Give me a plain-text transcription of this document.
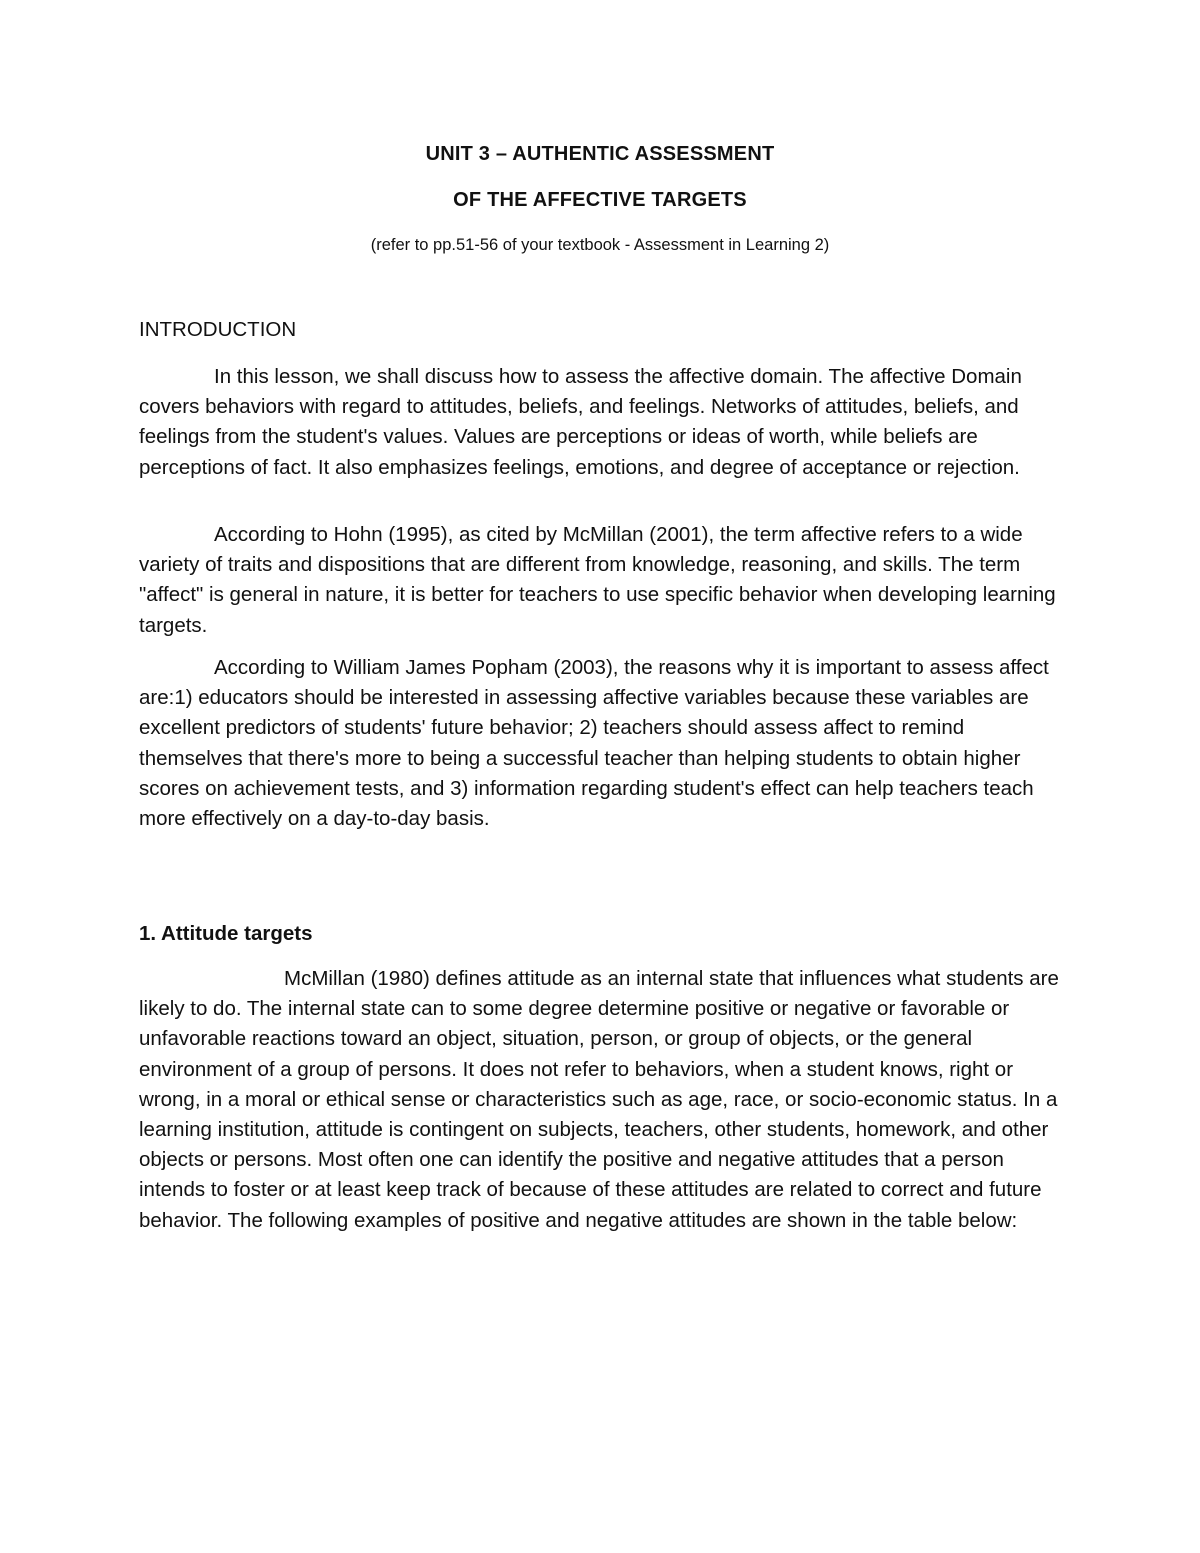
UNIT 3 – AUTHENTIC ASSESSMENT
OF THE AFFECTIVE TARGETS
(refer to pp.51-56 of your textbook - Assessment in Learning 2)
INTRODUCTION

In this lesson, we shall discuss how to assess the affective domain. The affective Domain covers behaviors with regard to attitudes, beliefs, and feelings. Networks of attitudes, beliefs, and feelings from the student's values. Values are perceptions or ideas of worth, while beliefs are perceptions of fact. It also emphasizes feelings, emotions, and degree of acceptance or rejection.

According to Hohn (1995), as cited by McMillan (2001), the term affective refers to a wide variety of traits and dispositions that are different from knowledge, reasoning, and skills. The term "affect" is general in nature, it is better for teachers to use specific behavior when developing learning targets.

According to William James Popham (2003), the reasons why it is important to assess affect are:1) educators should be interested in assessing affective variables because these variables are excellent predictors of students' future behavior; 2) teachers should assess affect to remind themselves that there's more to being a successful teacher than helping students to obtain higher scores on achievement tests, and 3) information regarding student's effect can help teachers teach more effectively on a day-to-day basis.

1. Attitude targets

McMillan (1980) defines attitude as an internal state that influences what students are likely to do. The internal state can to some degree determine positive or negative or favorable or unfavorable reactions toward an object, situation, person, or group of objects, or the general environment of a group of persons. It does not refer to behaviors, when a student knows, right or wrong, in a moral or ethical sense or characteristics such as age, race, or socio-economic status. In a learning institution, attitude is contingent on subjects, teachers, other students, homework, and other objects or persons. Most often one can identify the positive and negative attitudes that a person intends to foster or at least keep track of because of these attitudes are related to correct and future behavior. The following examples of positive and negative attitudes are shown in the table below:
